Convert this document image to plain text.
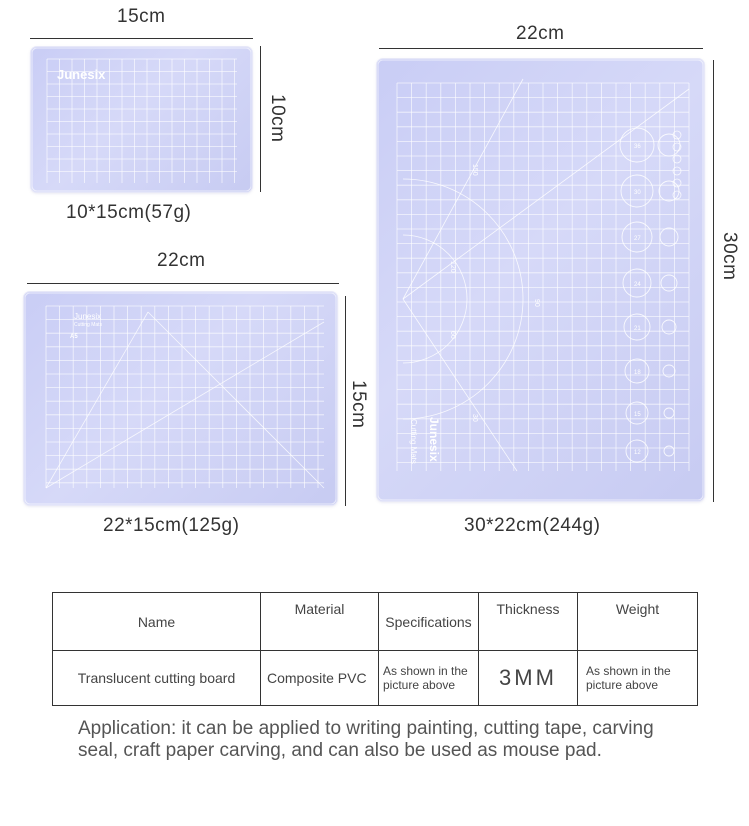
15cm
10cm
Junesix
10*15cm(57g)
22cm
15cm
Junesix
Cutting Mats
A5
22*15cm(125g)
22cm
30cm
150
120
90
60
30
36
30
27
24
21
18
15
12
Junesix
Cutting Mats
30*22cm(244g)
Name	Material	Specifications	Thickness	Weight
Translucent cutting board	Composite PVC	As shown in the picture above	3MM	As shown in the picture above
Application: it can be applied to writing painting, cutting tape, carving seal, craft paper carving, and can also be used as mouse pad.
